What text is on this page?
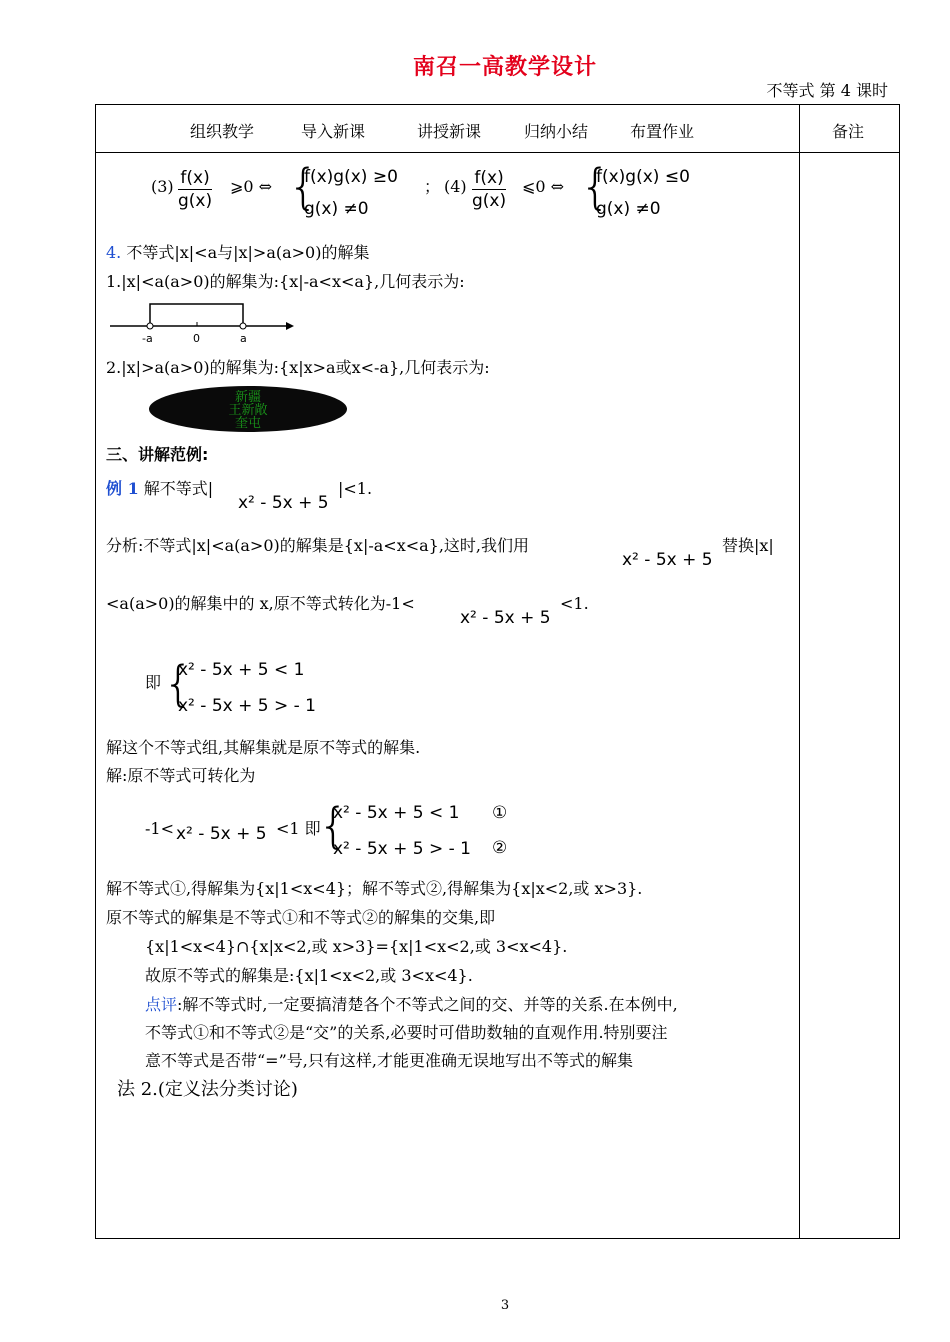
南召一高教学设计
不等式 第 4 课时
组织教学	导入新课	讲授新课	归纳小结	布置作业	备注
$(3) \frac{f(x)}{g(x)}$ ⩾0 ⇔ {
f(x)g(x) ≥0
g(x) ≠0
； $(4) \frac{f(x)}{g(x)}$ ⩽0 ⇔ {
f(x)g(x) ≤0
g(x) ≠0
4. 不等式|x|<a与|x|>a(a>0)的解集
1.|x|<a(a>0)的解集为:{x|-a<x<a},几何表示为:
-a	0	a
2.|x|>a(a>0)的解集为:{x|x>a或x<-a},几何表示为:
新疆
王新敞
奎屯
三、讲解范例:
例 1 解不等式|
x² - 5x + 5
|<1.
分析:不等式|x|<a(a>0)的解集是{x|-a<x<a},这时,我们用
x² - 5x + 5
替换|x|
<a(a>0)的解集中的 x,原不等式转化为-1<
x² - 5x + 5
<1.
即 {
x² - 5x + 5 < 1
x² - 5x + 5 > - 1
解这个不等式组,其解集就是原不等式的解集.
解:原不等式可转化为
-1< x² - 5x + 5 <1 即
{
x² - 5x + 5 < 1
x² - 5x + 5 > - 1
①
②
解不等式①,得解集为{x|1<x<4}；解不等式②,得解集为{x|x<2,或 x>3}.
原不等式的解集是不等式①和不等式②的解集的交集,即
{x|1<x<4}∩{x|x<2,或 x>3}={x|1<x<2,或 3<x<4}.
故原不等式的解集是:{x|1<x<2,或 3<x<4}.
点评:解不等式时,一定要搞清楚各个不等式之间的交、并等的关系.在本例中,
不等式①和不等式②是“交”的关系,必要时可借助数轴的直观作用.特别要注
意不等式是否带“=”号,只有这样,才能更准确无误地写出不等式的解集
法 2.(定义法分类讨论)
3
